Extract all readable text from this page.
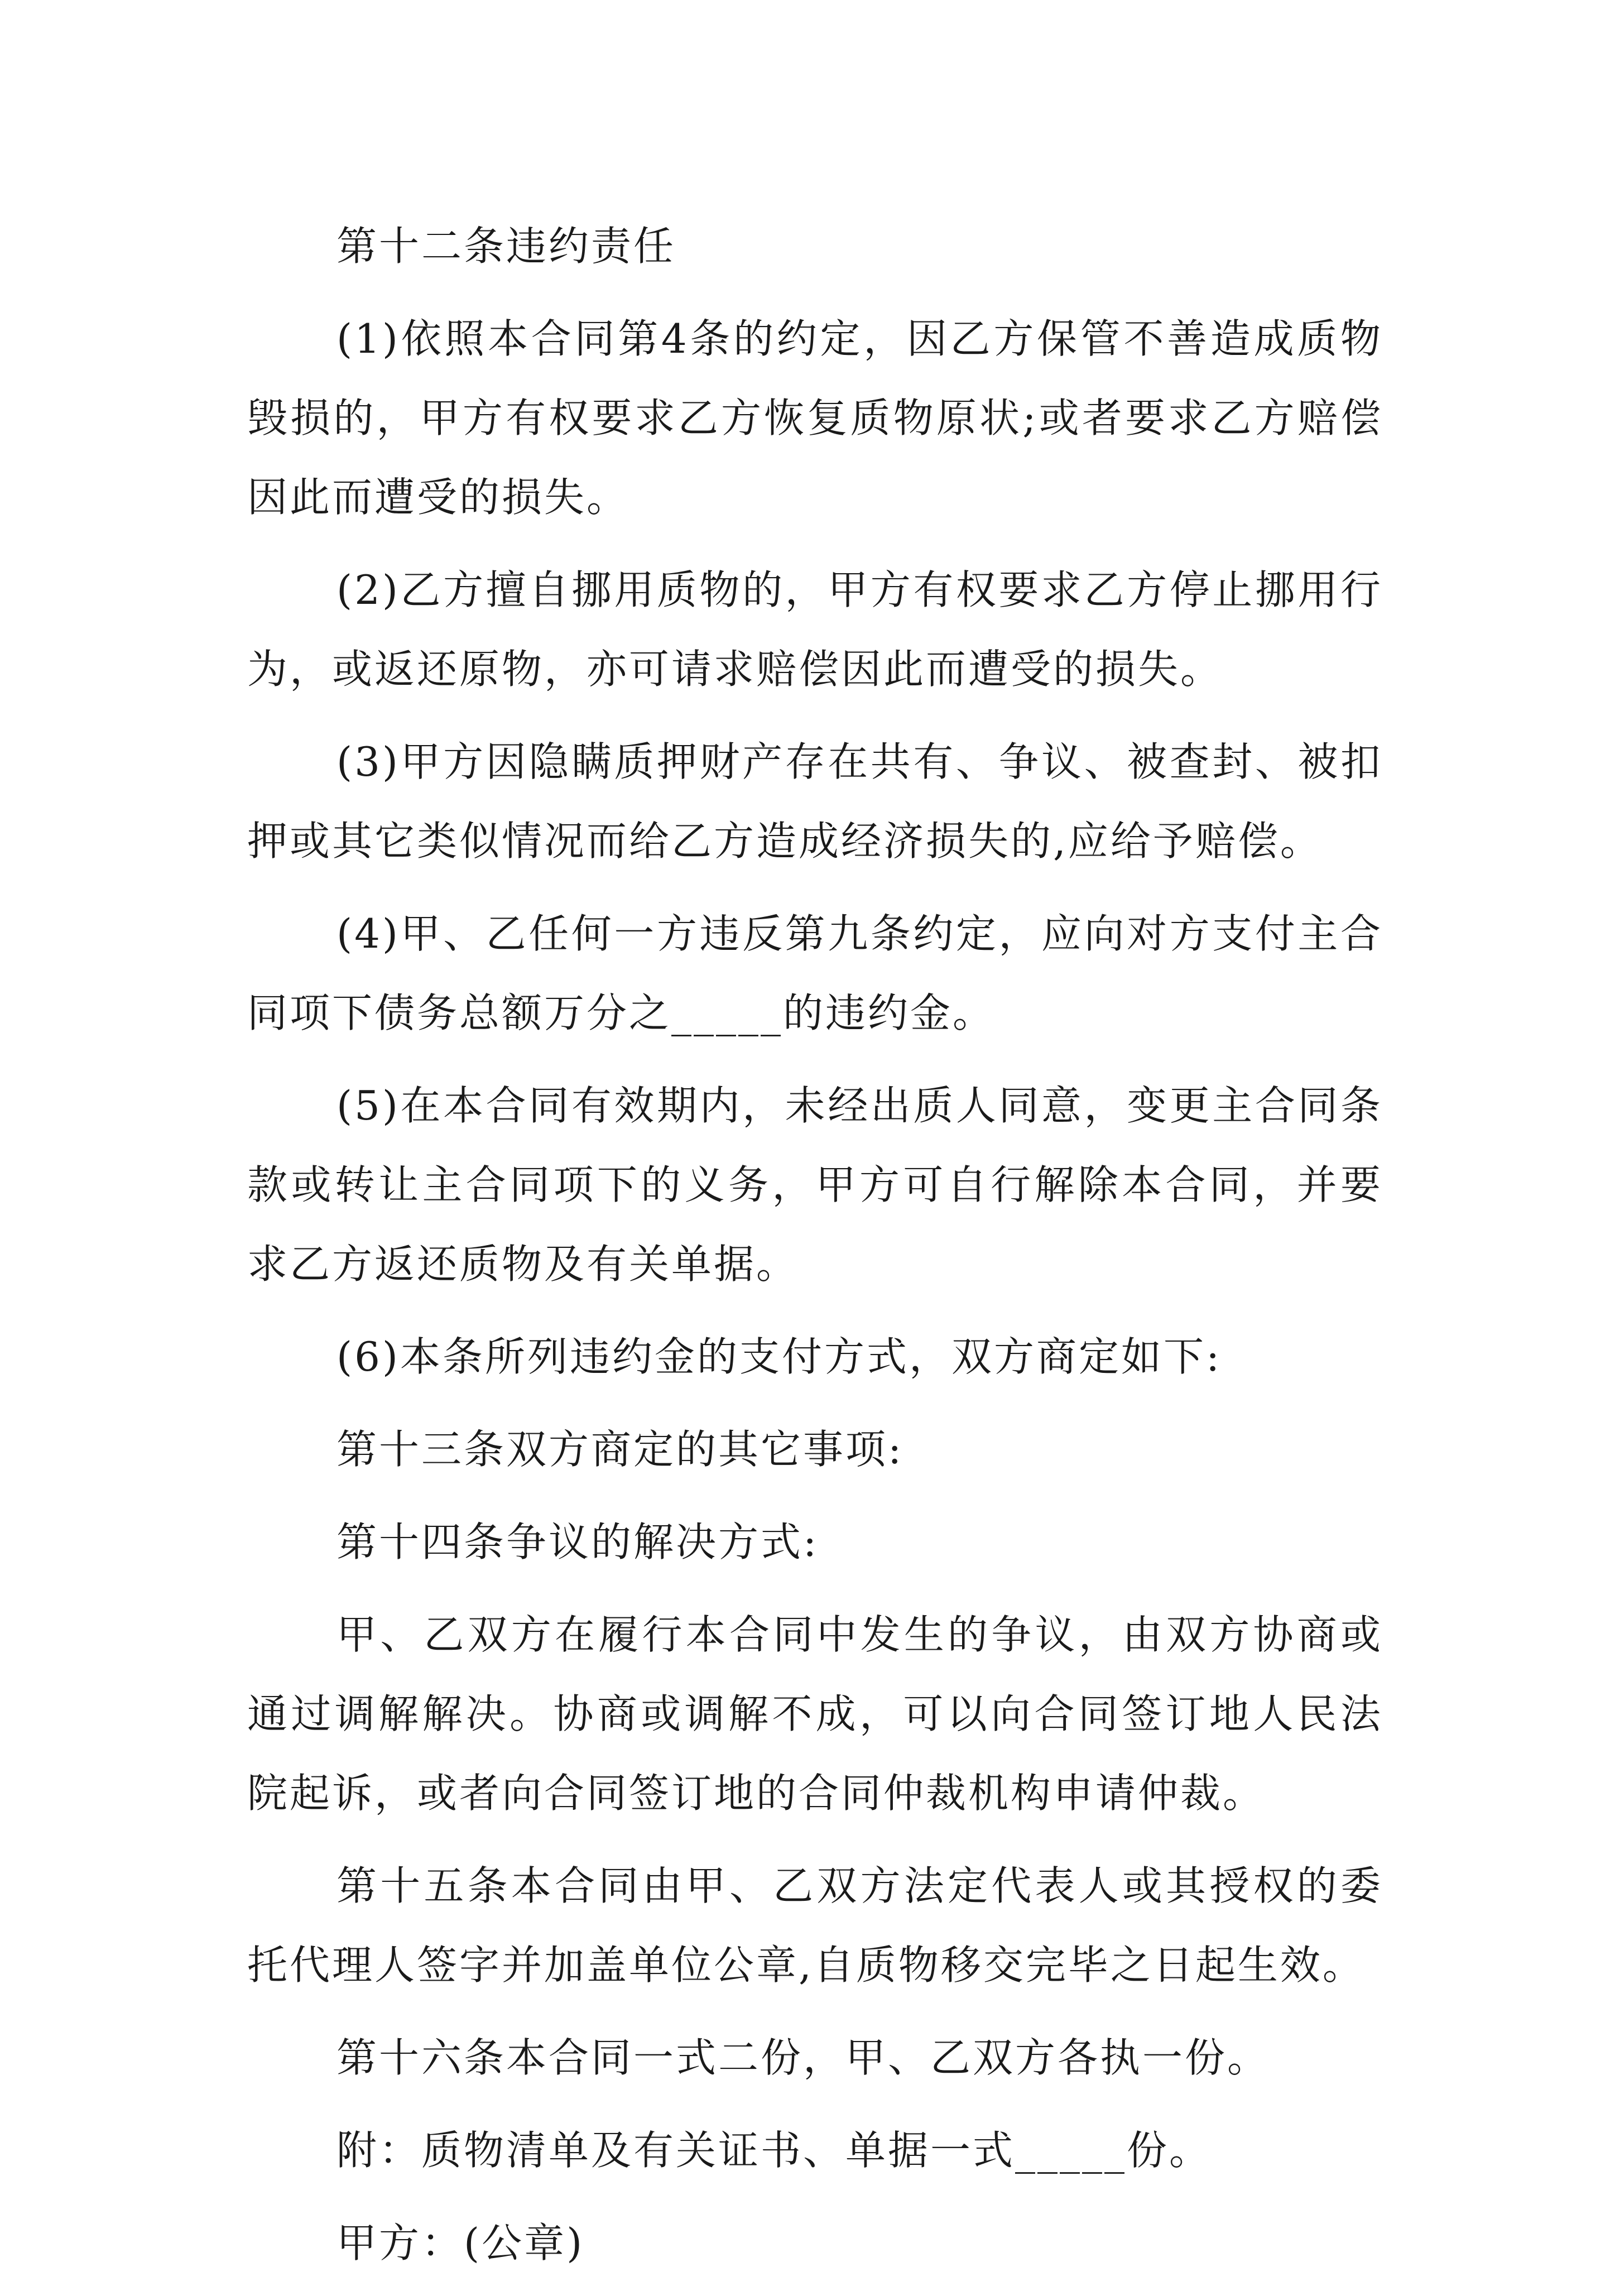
第十二条违约责任

(1)依照本合同第4条的约定，因乙方保管不善造成质物毁损的，甲方有权要求乙方恢复质物原状;或者要求乙方赔偿因此而遭受的损失。

(2)乙方擅自挪用质物的，甲方有权要求乙方停止挪用行为，或返还原物，亦可请求赔偿因此而遭受的损失。

(3)甲方因隐瞒质押财产存在共有、争议、被查封、被扣押或其它类似情况而给乙方造成经济损失的,应给予赔偿。

(4)甲、乙任何一方违反第九条约定，应向对方支付主合同项下债务总额万分之_____的违约金。

(5)在本合同有效期内，未经出质人同意，变更主合同条款或转让主合同项下的义务，甲方可自行解除本合同，并要求乙方返还质物及有关单据。

(6)本条所列违约金的支付方式，双方商定如下:

第十三条双方商定的其它事项:

第十四条争议的解决方式:

甲、乙双方在履行本合同中发生的争议，由双方协商或通过调解解决。协商或调解不成，可以向合同签订地人民法院起诉，或者向合同签订地的合同仲裁机构申请仲裁。

第十五条本合同由甲、乙双方法定代表人或其授权的委托代理人签字并加盖单位公章,自质物移交完毕之日起生效。

第十六条本合同一式二份，甲、乙双方各执一份。

附：质物清单及有关证书、单据一式_____份。

甲方：(公章)
